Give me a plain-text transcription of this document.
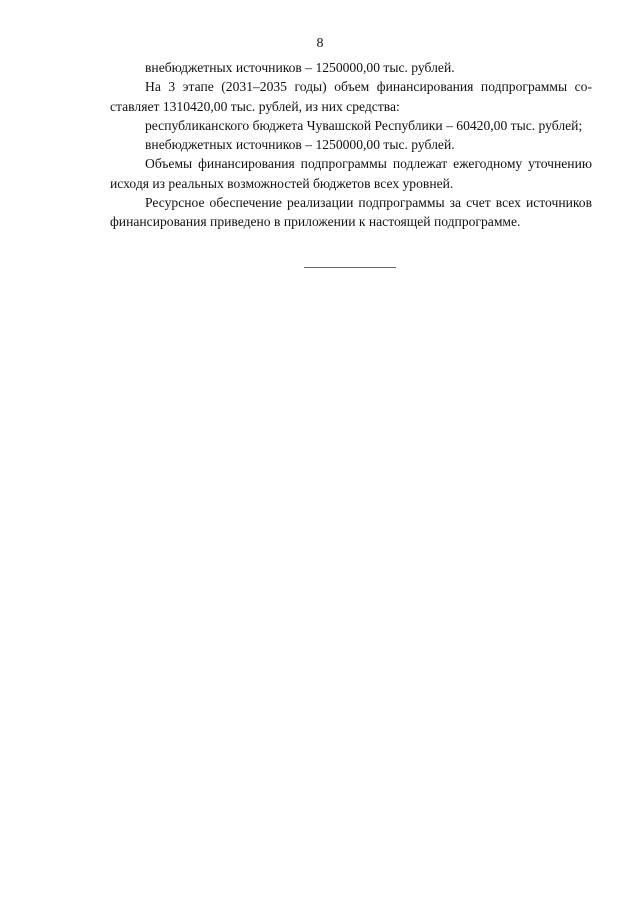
8

внебюджетных источников – 1250000,00 тыс. рублей.

На 3 этапе (2031–2035 годы) объем финансирования подпрограммы составляет 1310420,00 тыс. рублей, из них средства:

республиканского бюджета Чувашской Республики – 60420,00 тыс. рублей;

внебюджетных источников – 1250000,00 тыс. рублей.

Объемы финансирования подпрограммы подлежат ежегодному уточнению исходя из реальных возможностей бюджетов всех уровней.

Ресурсное обеспечение реализации подпрограммы за счет всех источников финансирования приведено в приложении к настоящей подпрограмме.
